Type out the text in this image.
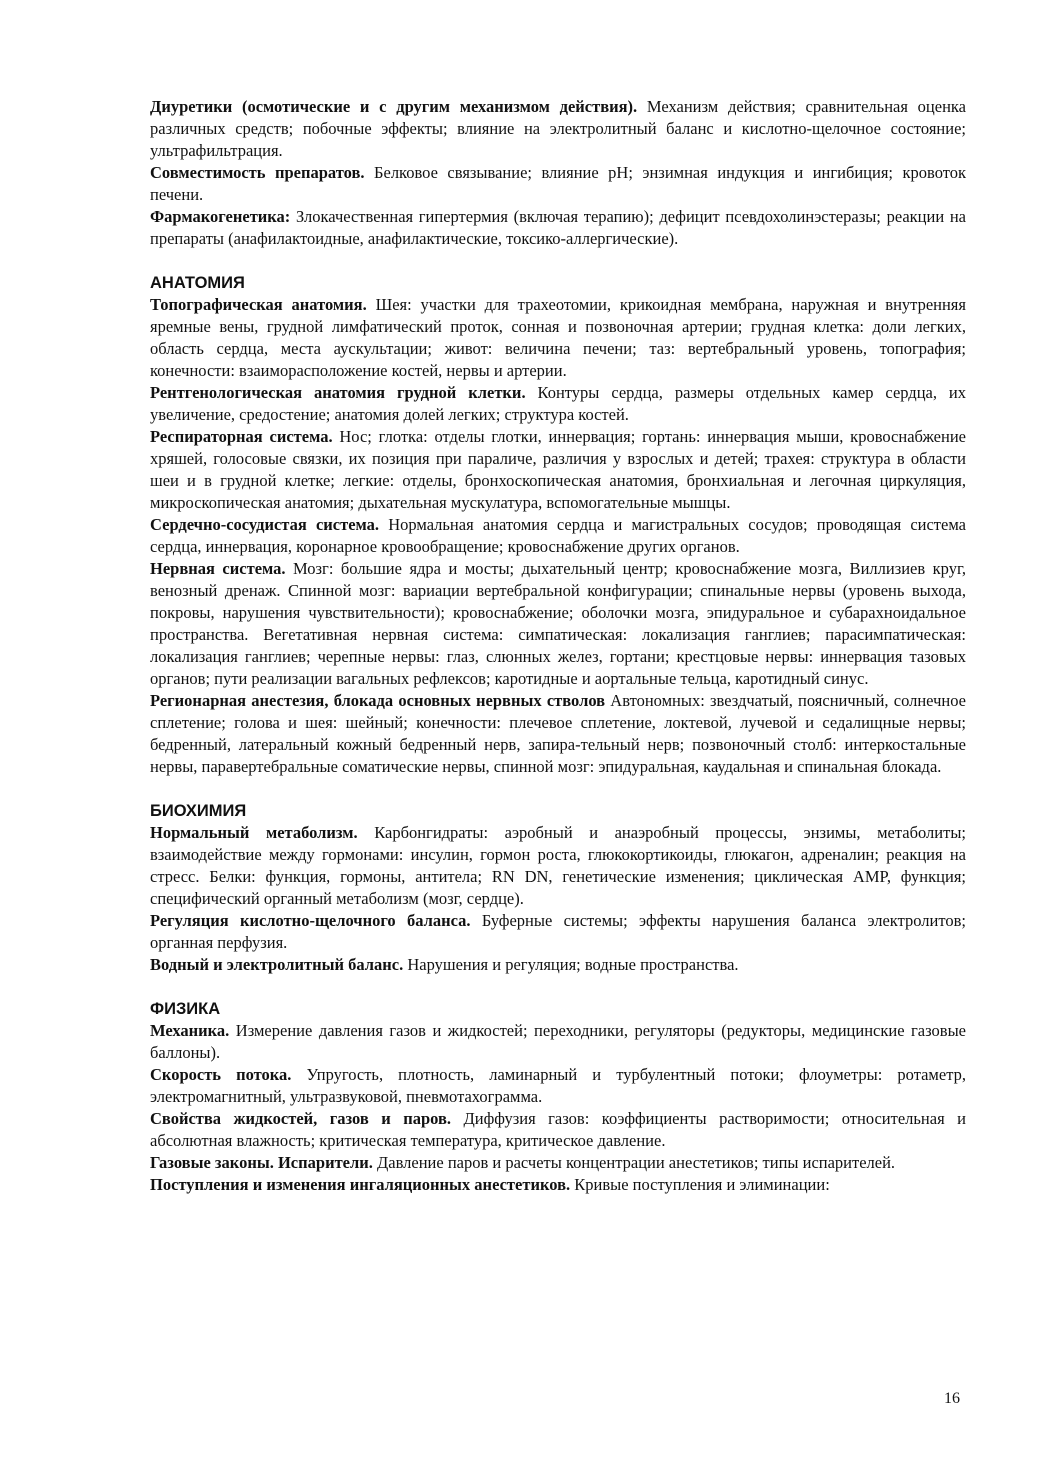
Диуретики (осмотические и с другим механизмом действия). Механизм действия; сравнительная оценка различных средств; побочные эффекты; влияние на электролитный баланс и кислотно-щелочное состояние; ультрафильтрация.

Совместимость препаратов. Белковое связывание; влияние pH; энзимная индукция и ингибиция; кровоток печени.

Фармакогенетика: Злокачественная гипертермия (включая терапию); дефицит псевдохолинэстеразы; реакции на препараты (анафилактоидные, анафилактические, токсико-аллергические).

АНАТОМИЯ

Топографическая анатомия. Шея: участки для трахеотомии, крикоидная мембрана, наружная и внутренняя яремные вены, грудной лимфатический проток, сонная и позвоночная артерии; грудная клетка: доли легких, область сердца, места аускультации; живот: величина печени; таз: вертебральный уровень, топография; конечности: взаиморасположение костей, нервы и артерии.

Рентгенологическая анатомия грудной клетки. Контуры сердца, размеры отдельных камер сердца, их увеличение, средостение; анатомия долей легких; структура костей.

Респираторная система. Нос; глотка: отделы глотки, иннервация; гортань: иннервация мыши, кровоснабжение хряшей, голосовые связки, их позиция при параличе, различия у взрослых и детей; трахея: структура в области шеи и в грудной клетке; легкие: отделы, бронхоскопическая анатомия, бронхиальная и легочная циркуляция, микроскопическая анатомия; дыхательная мускулатура, вспомогательные мышцы.

Сердечно-сосудистая система. Нормальная анатомия сердца и магистральных сосудов; проводящая система сердца, иннервация, коронарное кровообращение; кровоснабжение других органов.

Нервная система. Мозг: большие ядра и мосты; дыхательный центр; кровоснабжение мозга, Виллизиев круг, венозный дренаж. Спинной мозг: вариации вертебральной конфигурации; спинальные нервы (уровень выхода, покровы, нарушения чувствительности); кровоснабжение; оболочки мозга, эпидуральное и субарахноидальное пространства. Вегетативная нервная система: симпатическая: локализация ганглиев; парасимпатическая: локализация ганглиев; черепные нервы: глаз, слюнных желез, гортани; крестцовые нервы: иннервация тазовых органов; пути реализации вагальных рефлексов; каротидные и аортальные тельца, каротидный синус.

Регионарная анестезия, блокада основных нервных стволов Автономных: звездчатый, поясничный, солнечное сплетение; голова и шея: шейный; конечности: плечевое сплетение, локтевой, лучевой и седалищные нервы; бедренный, латеральный кожный бедренный нерв, запира-тельный нерв; позвоночный столб: интеркостальные нервы, паравертебральные соматические нервы, спинной мозг: эпидуральная, каудальная и спинальная блокада.

БИОХИМИЯ

Нормальный метаболизм. Карбонгидраты: аэробный и анаэробный процессы, энзимы, метаболиты; взаимодействие между гормонами: инсулин, гормон роста, глюкокортикоиды, глюкагон, адреналин; реакция на стресс. Белки: функция, гормоны, антитела; RN DN, генетические изменения; циклическая AMP, функция; специфический органный метаболизм (мозг, сердце).

Регуляция кислотно-щелочного баланса. Буферные системы; эффекты нарушения баланса электролитов; органная перфузия.

Водный и электролитный баланс. Нарушения и регуляция; водные пространства.

ФИЗИКА

Механика. Измерение давления газов и жидкостей; переходники, регуляторы (редукторы, медицинские газовые баллоны).

Скорость потока. Упругость, плотность, ламинарный и турбулентный потоки; флоуметры: ротаметр, электромагнитный, ультразвуковой, пневмотахограмма.

Свойства жидкостей, газов и паров. Диффузия газов: коэффициенты растворимости; относительная и абсолютная влажность; критическая температура, критическое давление.

Газовые законы. Испарители. Давление паров и расчеты концентрации анестетиков; типы испарителей.

Поступления и изменения ингаляционных анестетиков. Кривые поступления и элиминации:

16
